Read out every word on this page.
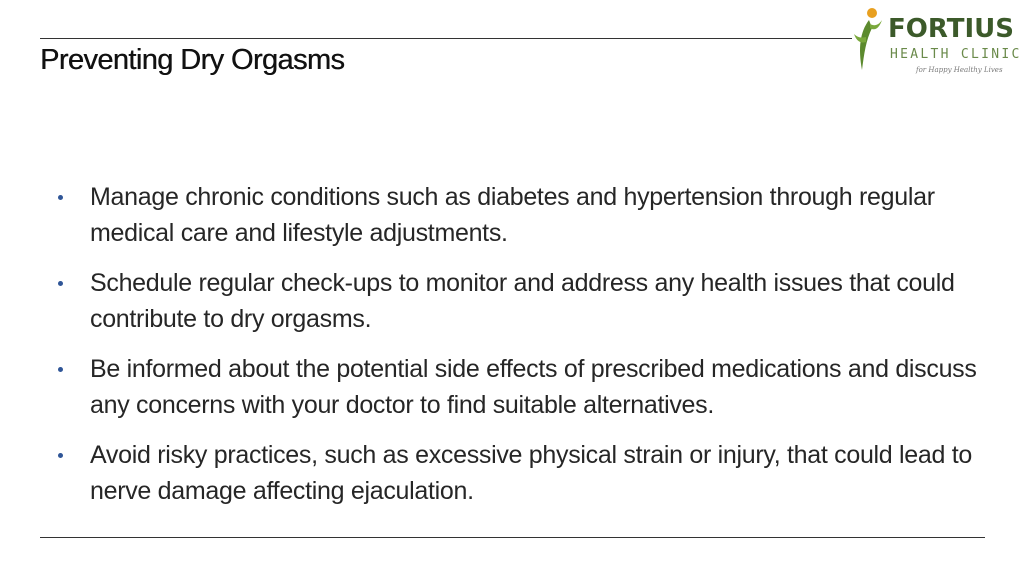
Preventing Dry Orgasms
FORTIUS
HEALTH CLINIC
for Happy Healthy Lives
Manage chronic conditions such as diabetes and hypertension through regular medical care and lifestyle adjustments.
Schedule regular check-ups to monitor and address any health issues that could contribute to dry orgasms.
Be informed about the potential side effects of prescribed medications and discuss any concerns with your doctor to find suitable alternatives.
Avoid risky practices, such as excessive physical strain or injury, that could lead to nerve damage affecting ejaculation.
